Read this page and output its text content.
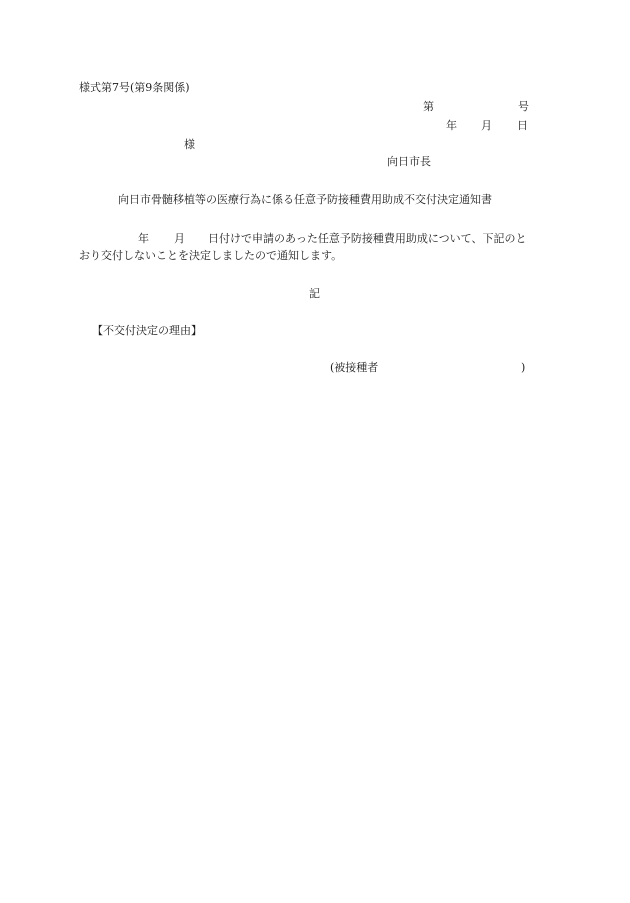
様式第7号(第9条関係)
第	号
年 月 日
様
向日市長
向日市骨髄移植等の医療行為に係る任意予防接種費用助成不交付決定通知書
年 月 日付けで申請のあった任意予防接種費用助成について、下記のと
おり交付しないことを決定しましたので通知します。
記
【不交付決定の理由】
(被接種者	)
